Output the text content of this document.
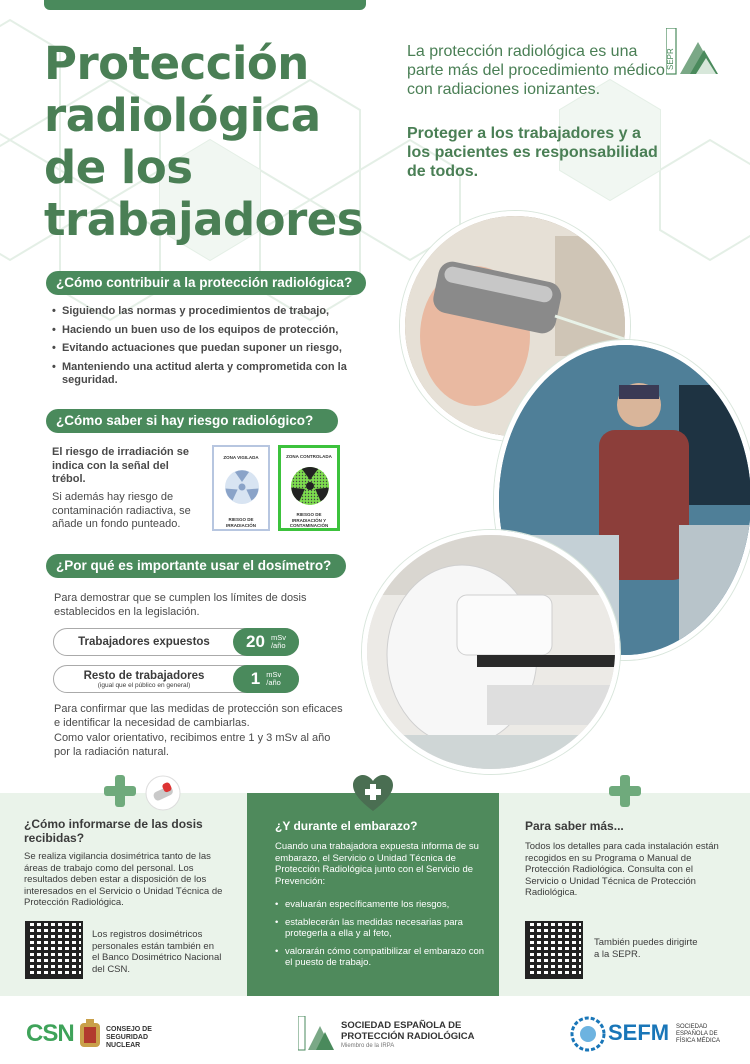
Protección
radiológica
de los
trabajadores

La protección radiológica es una parte más del procedimiento médico con radiaciones ionizantes.

Proteger a los trabajadores y a los pacientes es responsabilidad de todos.

SEPR
¿Cómo contribuir a la protección radiológica?
• Siguiendo las normas y procedimientos de trabajo,
• Haciendo un buen uso de los equipos de protección,
• Evitando actuaciones que puedan suponer un riesgo,
• Manteniendo una actitud alerta y comprometida con la seguridad.
¿Cómo saber si hay riesgo radiológico?

El riesgo de irradiación se indica con la señal del trébol.

Si además hay riesgo de contaminación radiactiva, se añade un fondo punteado.

ZONA VIGILADA
RIESGO DE IRRADIACIÓN
ZONA CONTROLADA
RIESGO DE IRRADIACIÓN Y CONTAMINACIÓN
¿Por qué es importante usar el dosímetro?

Para demostrar que se cumplen los límites de dosis establecidos en la legislación.

Trabajadores expuestos 20 mSv
/año
Resto de trabajadores
(igual que el público en general)	1 mSv
/año

Para confirmar que las medidas de protección son eficaces e identificar la necesidad de cambiarlas.

Como valor orientativo, recibimos entre 1 y 3 mSv al año por la radiación natural.

¿Cómo informarse de las dosis recibidas?

Se realiza vigilancia dosimétrica tanto de las áreas de trabajo como del personal. Los resultados deben estar a disposición de los interesados en el Servicio o Unidad Técnica de Protección Radiológica.

Los registros dosimétricos personales están también en el Banco Dosimétrico Nacional del CSN.

¿Y durante el embarazo?

Cuando una trabajadora expuesta informa de su embarazo, el Servicio o Unidad Técnica de Protección Radiológica junto con el Servicio de Prevención:

• evaluarán específicamente los riesgos,
• establecerán las medidas necesarias para protegerla a ella y al feto,
• valorarán cómo compatibilizar el embarazo con el puesto de trabajo.
Para saber más...

Todos los detalles para cada instalación están recogidos en su Programa o Manual de Protección Radiológica. Consulta con el Servicio o Unidad Técnica de Protección Radiológica.

También puedes dirigirte a la SEPR.

CSN	CONSEJO DE SEGURIDAD NUCLEAR
SOCIEDAD ESPAÑOLA DE PROTECCIÓN RADIOLÓGICA
Miembro de la IRPA
SEFM SOCIEDAD ESPAÑOLA DE FÍSICA MÉDICA
